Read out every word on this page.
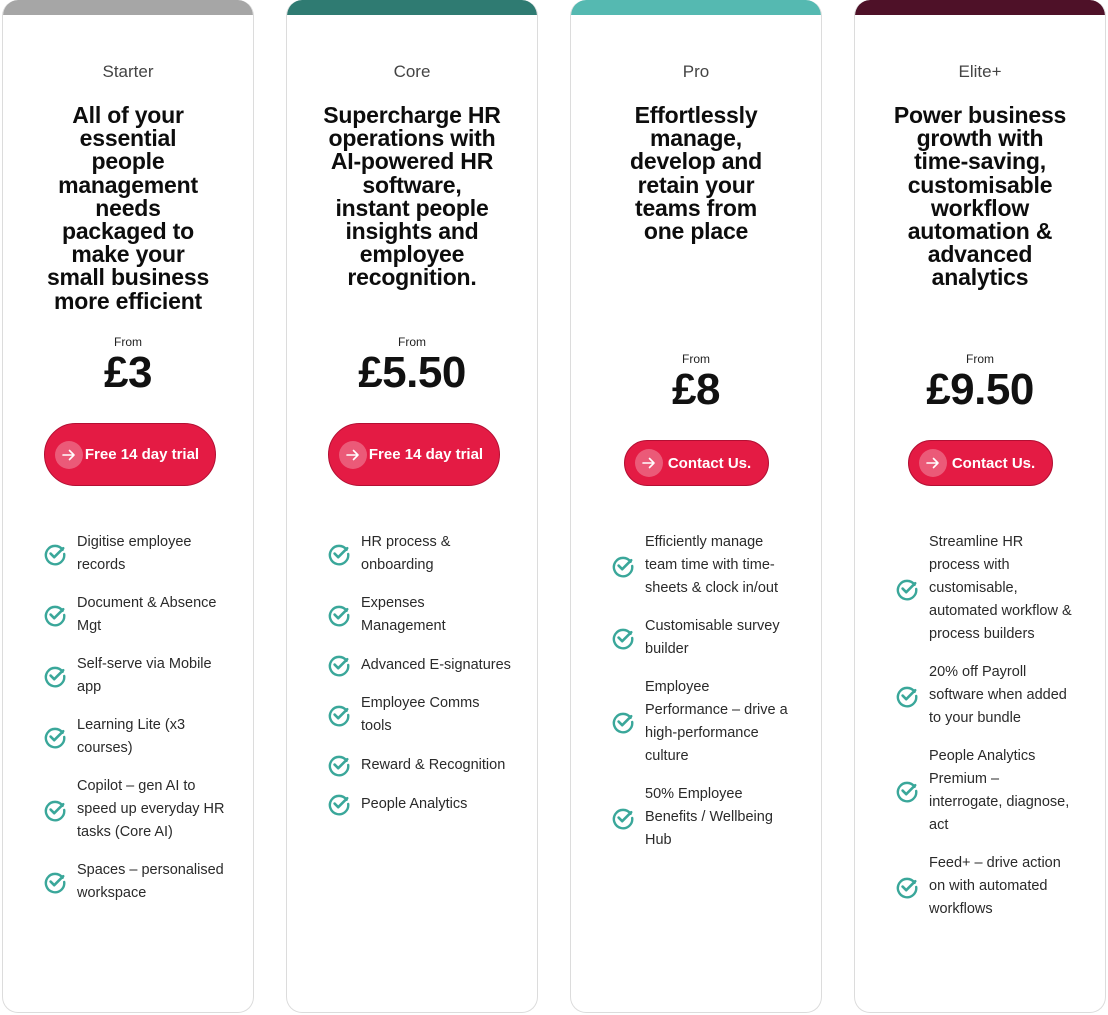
Starter
All of your essential people management needs packaged to make your small business more efficient
From
£3
Free 14 day trial
Digitise employee records
Document & Absence Mgt
Self-serve via Mobile app
Learning Lite (x3 courses)
Copilot – gen AI to speed up everyday HR tasks (Core AI)
Spaces – personalised workspace
Core
Supercharge HR operations with AI-powered HR software, instant people insights and employee recognition.
From
£5.50
Free 14 day trial
HR process & onboarding
Expenses Management
Advanced E-signatures
Employee Comms tools
Reward & Recognition
People Analytics
Pro
Effortlessly manage, develop and retain your teams from one place
From
£8
Contact Us.
Efficiently manage team time with time-sheets & clock in/out
Customisable survey builder
Employee Performance – drive a high-performance culture
50% Employee Benefits / Wellbeing Hub
Elite+
Power business growth with time-saving, customisable workflow automation & advanced analytics
From
£9.50
Contact Us.
Streamline HR process with customisable, automated workflow & process builders
20% off Payroll software when added to your bundle
People Analytics Premium – interrogate, diagnose, act
Feed+ – drive action on with automated workflows
